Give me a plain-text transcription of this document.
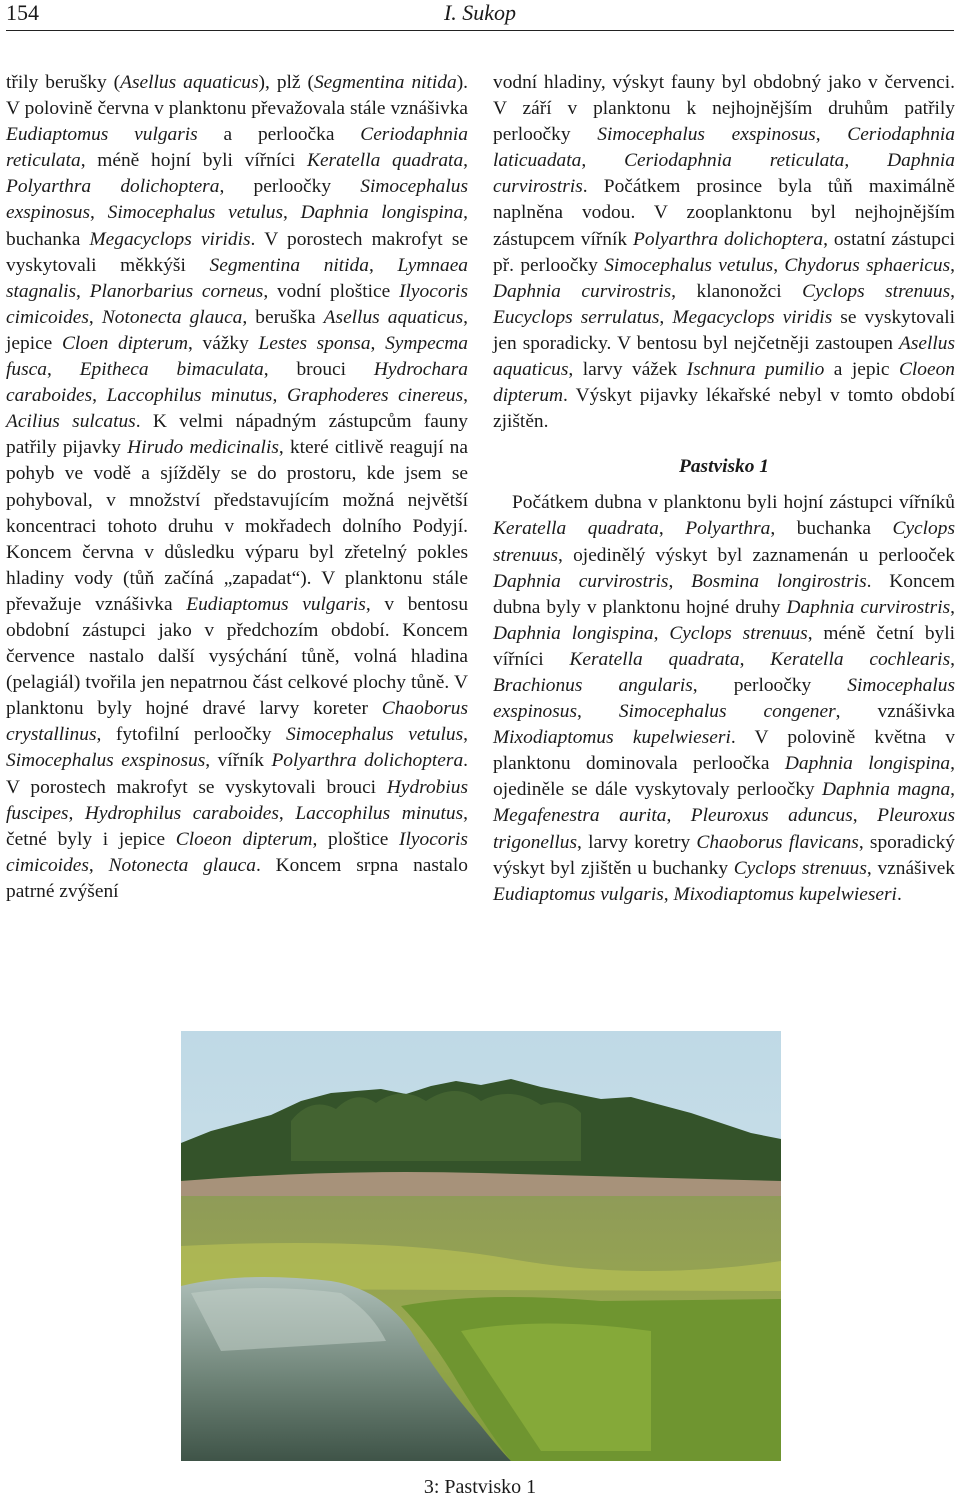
154	I. Sukop

třily berušky (Asellus aquaticus), plž (Segmentina nitida). V polovině června v planktonu převažovala stále vznášivka Eudiaptomus vulgaris a perloočka Ceriodaphnia reticulata, méně hojní byli vířníci Keratella quadrata, Polyarthra dolichoptera, perloočky Simocephalus exspinosus, Simocephalus vetulus, Daphnia longispina, buchanka Megacyclops viridis. V porostech makrofyt se vyskytovali měkkýši Segmentina nitida, Lymnaea stagnalis, Planorbarius corneus, vodní ploštice Ilyocoris cimicoides, Notonecta glauca, beruška Asellus aquaticus, jepice Cloen dipterum, vážky Lestes sponsa, Sympecma fusca, Epitheca bimaculata, brouci Hydrochara caraboides, Laccophilus minutus, Graphoderes cinereus, Acilius sulcatus. K velmi nápadným zástupcům fauny patřily pijavky Hirudo medicinalis, které citlivě reagují na pohyb ve vodě a sjížděly se do prostoru, kde jsem se pohyboval, v množství představujícím možná největší koncentraci tohoto druhu v mokřadech dolního Podyjí. Koncem června v důsledku výparu byl zřetelný pokles hladiny vody (tůň začíná „zapadat“). V planktonu stále převažuje vznášivka Eudiaptomus vulgaris, v bentosu obdobní zástupci jako v předchozím období. Koncem července nastalo další vysýchání tůně, volná hladina (pelagiál) tvořila jen nepatrnou část celkové plochy tůně. V planktonu byly hojné dravé larvy koreter Chaoborus crystallinus, fytofilní perloočky Simocephalus vetulus, Simocephalus exspinosus, vířník Polyarthra dolichoptera. V porostech makrofyt se vyskytovali brouci Hydrobius fuscipes, Hydrophilus caraboides, Laccophilus minutus, četné byly i jepice Cloeon dipterum, ploštice Ilyocoris cimicoides, Notonecta glauca. Koncem srpna nastalo patrné zvýšení

vodní hladiny, výskyt fauny byl obdobný jako v červenci. V září v planktonu k nejhojnějším druhům patřily perloočky Simocephalus exspinosus, Ceriodaphnia laticuadata, Ceriodaphnia reticulata, Daphnia curvirostris. Počátkem prosince byla tůň maximálně naplněna vodou. V zooplanktonu byl nejhojnějším zástupcem vířník Polyarthra dolichoptera, ostatní zástupci př. perloočky Simocephalus vetulus, Chydorus sphaericus, Daphnia curvirostris, klanonožci Cyclops strenuus, Eucyclops serrulatus, Megacyclops viridis se vyskytovali jen sporadicky. V bentosu byl nejčetněji zastoupen Asellus aquaticus, larvy vážek Ischnura pumilio a jepic Cloeon dipterum. Výskyt pijavky lékařské nebyl v tomto období zjištěn.

Pastvisko 1

Počátkem dubna v planktonu byli hojní zástupci vířníků Keratella quadrata, Polyarthra, buchanka Cyclops strenuus, ojedinělý výskyt byl zaznamenán u perlooček Daphnia curvirostris, Bosmina longirostris. Koncem dubna byly v planktonu hojné druhy Daphnia curvirostris, Daphnia longispina, Cyclops strenuus, méně četní byli vířníci Keratella quadrata, Keratella cochlearis, Brachionus angularis, perloočky Simocephalus exspinosus, Simocephalus congener, vznášivka Mixodiaptomus kupelwieseri. V polovině května v planktonu dominovala perloočka Daphnia longispina, ojediněle se dále vyskytovaly perloočky Daphnia magna, Megafenestra aurita, Pleuroxus aduncus, Pleuroxus trigonellus, larvy koretry Chaoborus flavicans, sporadický výskyt byl zjištěn u buchanky Cyclops strenuus, vznášivek Eudiaptomus vulgaris, Mixodiaptomus kupelwieseri.

3: Pastvisko 1
